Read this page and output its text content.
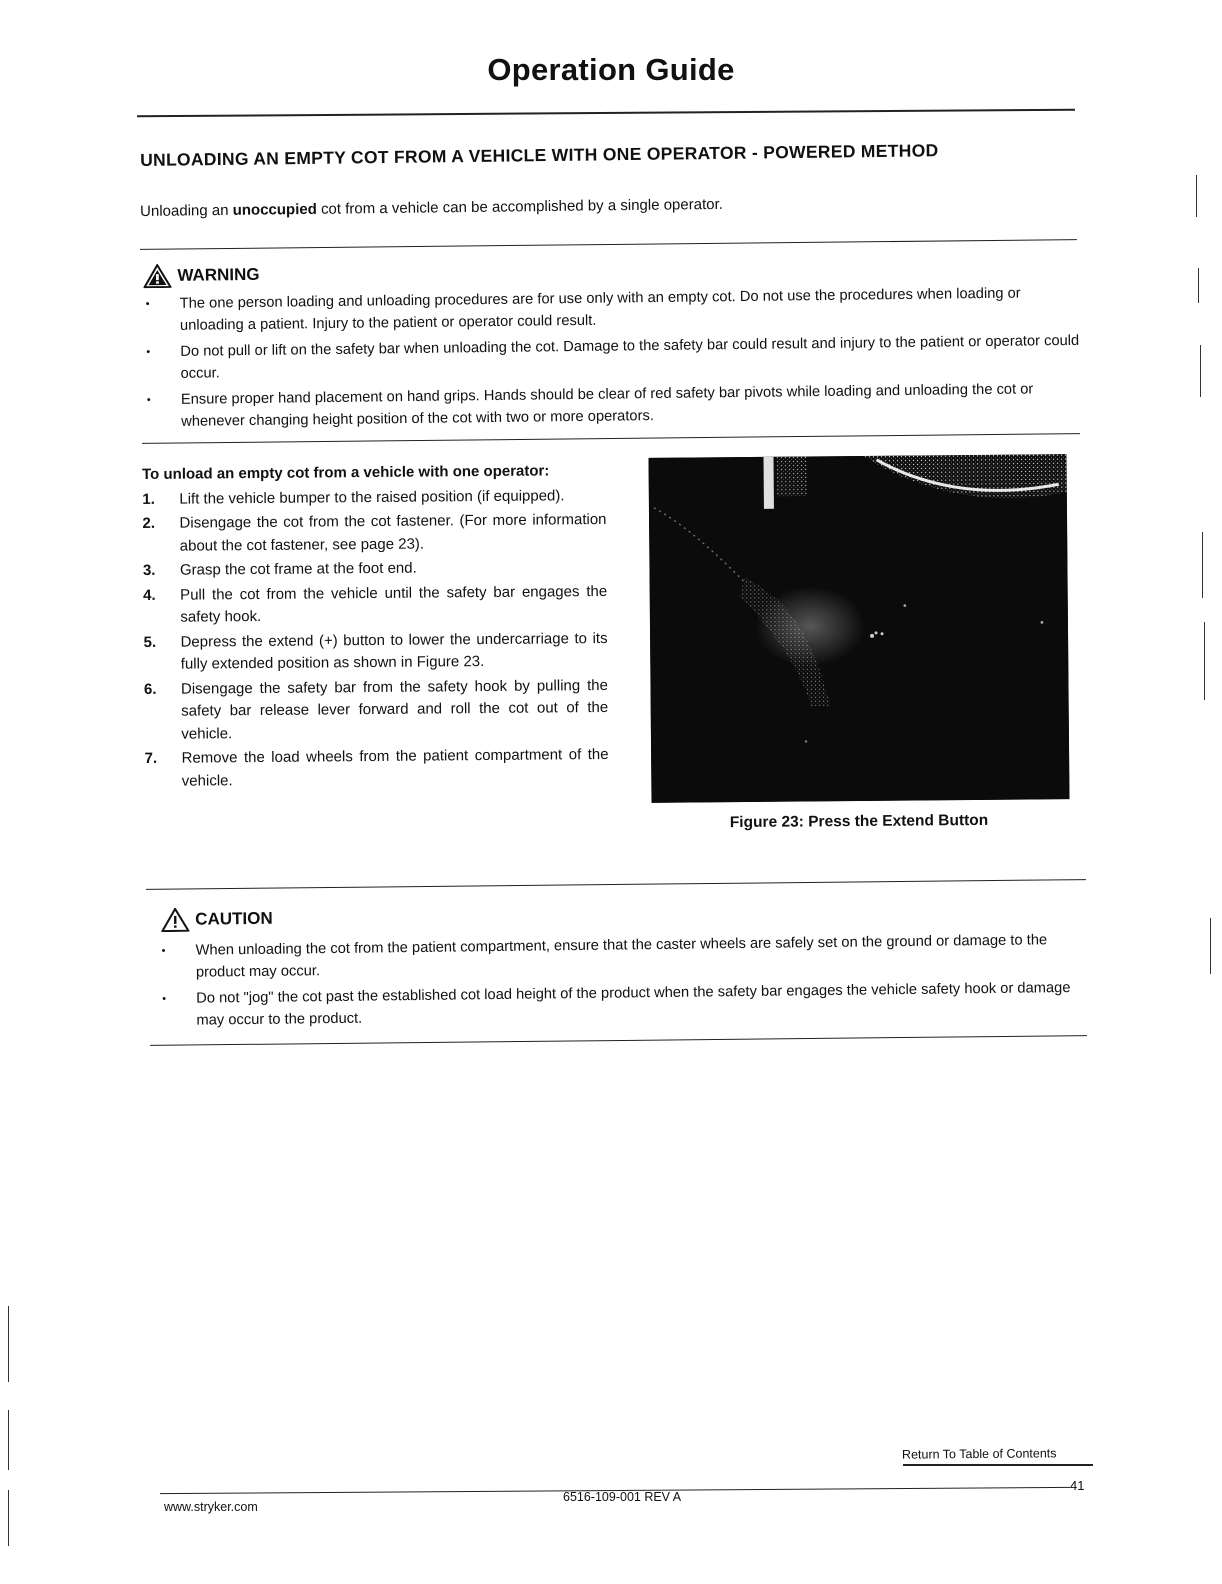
Operation Guide
UNLOADING AN EMPTY COT FROM A VEHICLE WITH ONE OPERATOR - POWERED METHOD
Unloading an unoccupied cot from a vehicle can be accomplished by a single operator.
WARNING
• The one person loading and unloading procedures are for use only with an empty cot. Do not use the procedures when loading or unloading a patient. Injury to the patient or operator could result.
• Do not pull or lift on the safety bar when unloading the cot. Damage to the safety bar could result and injury to the patient or operator could occur.
• Ensure proper hand placement on hand grips. Hands should be clear of red safety bar pivots while loading and unloading the cot or whenever changing height position of the cot with two or more operators.
To unload an empty cot from a vehicle with one operator:
1. Lift the vehicle bumper to the raised position (if equipped).
2. Disengage the cot from the cot fastener. (For more information about the cot fastener, see page 23).
3. Grasp the cot frame at the foot end.
4. Pull the cot from the vehicle until the safety bar engages the safety hook.
5. Depress the extend (+) button to lower the undercarriage to its fully extended position as shown in Figure 23.
6. Disengage the safety bar from the safety hook by pulling the safety bar release lever forward and roll the cot out of the vehicle.
7. Remove the load wheels from the patient compartment of the vehicle.
Figure 23: Press the Extend Button
CAUTION
• When unloading the cot from the patient compartment, ensure that the caster wheels are safely set on the ground or damage to the product may occur.
• Do not "jog" the cot past the established cot load height of the product when the safety bar engages the vehicle safety hook or damage may occur to the product.
Return To Table of Contents
41
www.stryker.com
6516-109-001 REV A
